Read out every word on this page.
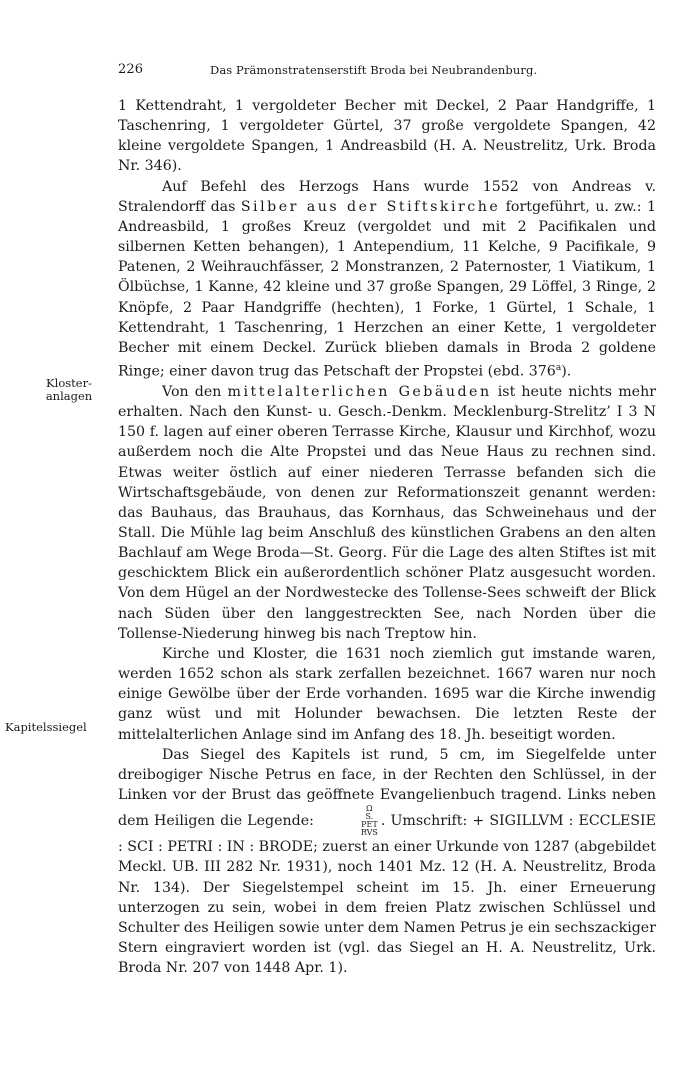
226	Das Prämonstratenserstift Broda bei Neubrandenburg.
Kloster-
anlagen
Kapitelssiegel

1 Kettendraht, 1 vergoldeter Becher mit Deckel, 2 Paar Handgriffe, 1 Taschenring, 1 vergoldeter Gürtel, 37 große vergoldete Spangen, 42 kleine vergoldete Spangen, 1 Andreasbild (H. A. Neustrelitz, Urk. Broda Nr. 346).

Auf Befehl des Herzogs Hans wurde 1552 von Andreas v. Stralendorff das Silber aus der Stiftskirche fortgeführt, u. zw.: 1 Andreasbild, 1 großes Kreuz (vergoldet und mit 2 Pacifikalen und silbernen Ketten behangen), 1 Antependium, 11 Kelche, 9 Pacifikale, 9 Patenen, 2 Weihrauchfässer, 2 Monstranzen, 2 Paternoster, 1 Viatikum, 1 Ölbüchse, 1 Kanne, 42 kleine und 37 große Spangen, 29 Löffel, 3 Ringe, 2 Knöpfe, 2 Paar Handgriffe (hechten), 1 Forke, 1 Gürtel, 1 Schale, 1 Kettendraht, 1 Taschenring, 1 Herzchen an einer Kette, 1 vergoldeter Becher mit einem Deckel. Zurück blieben damals in Broda 2 goldene Ringe; einer davon trug das Petschaft der Propstei (ebd. 376$^a$).

Von den mittelalterlichen Gebäuden ist heute nichts mehr erhalten. Nach den Kunst- u. Gesch.-Denkm. Mecklenburg-Strelitz’ I 3 N 150 f. lagen auf einer oberen Terrasse Kirche, Klausur und Kirchhof, wozu außerdem noch die Alte Propstei und das Neue Haus zu rechnen sind. Etwas weiter östlich auf einer niederen Terrasse befanden sich die Wirtschaftsgebäude, von denen zur Reformationszeit genannt werden: das Bauhaus, das Brauhaus, das Kornhaus, das Schweinehaus und der Stall. Die Mühle lag beim Anschluß des künstlichen Grabens an den alten Bachlauf am Wege Broda—St. Georg. Für die Lage des alten Stiftes ist mit geschicktem Blick ein außerordentlich schöner Platz ausgesucht worden. Von dem Hügel an der Nordwestecke des Tollense-Sees schweift der Blick nach Süden über den langgestreckten See, nach Norden über die Tollense-Niederung hinweg bis nach Treptow hin.

Kirche und Kloster, die 1631 noch ziemlich gut imstande waren, werden 1652 schon als stark zerfallen bezeichnet. 1667 waren nur noch einige Gewölbe über der Erde vorhanden. 1695 war die Kirche inwendig ganz wüst und mit Holunder bewachsen. Die letzten Reste der mittelalterlichen Anlage sind im Anfang des 18. Jh. beseitigt worden.

Das Siegel des Kapitels ist rund, 5 cm, im Siegelfelde unter dreibogiger Nische Petrus en face, in der Rechten den Schlüssel, in der Linken vor der Brust das geöffnete Evangelienbuch tragend. Links neben dem Heiligen die Legende:
Ω
S.
PET
RVS
. Umschrift: + SIGILLVM : ECCLESIE : SCI : PETRI : IN : BRODE; zuerst an einer Urkunde von 1287 (abgebildet Meckl. UB. III 282 Nr. 1931), noch 1401 Mz. 12 (H. A. Neustrelitz, Broda Nr. 134). Der Siegelstempel scheint im 15. Jh. einer Erneuerung unterzogen zu sein, wobei in dem freien Platz zwischen Schlüssel und Schulter des Heiligen sowie unter dem Namen Petrus je ein sechszackiger Stern eingraviert worden ist (vgl. das Siegel an H. A. Neustrelitz, Urk. Broda Nr. 207 von 1448 Apr. 1).
